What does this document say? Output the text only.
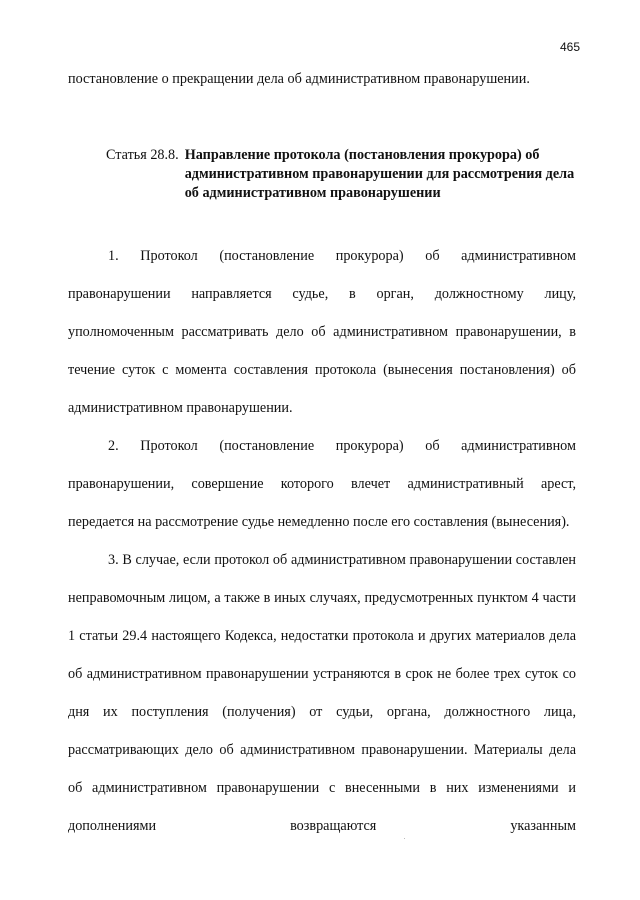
465

постановление о прекращении дела об административном правонарушении.

Статья 28.8. Направление протокола (постановления прокурора) об административном правонарушении для рассмотрения дела об административном правонарушении

1. Протокол (постановление прокурора) об административном правонарушении направляется судье, в орган, должностному лицу, уполномоченным рассматривать дело об административном правонарушении, в течение суток с момента составления протокола (вынесения постановления) об административном правонарушении.

2. Протокол (постановление прокурора) об административном правонарушении, совершение которого влечет административный арест, передается на рассмотрение судье немедленно после его составления (вынесения).

3. В случае, если протокол об административном правонарушении составлен неправомочным лицом, а также в иных случаях, предусмотренных пунктом 4 части 1 статьи 29.4 настоящего Кодекса, недостатки протокола и других материалов дела об административном правонарушении устраняются в срок не более трех суток со дня их поступления (получения) от судьи, органа, должностного лица, рассматривающих дело об административном правонарушении. Материалы дела об административном правонарушении с внесенными в них изменениями и дополнениями возвращаются указанным
